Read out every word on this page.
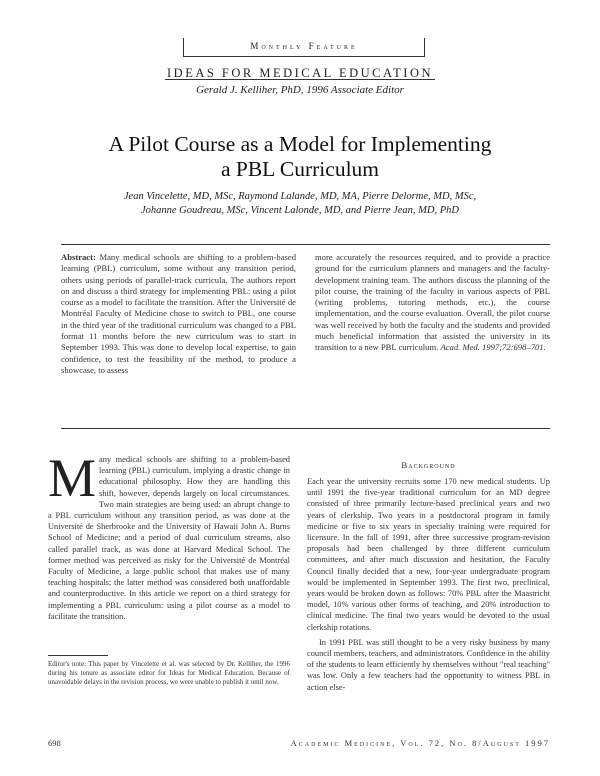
Monthly Feature
IDEAS FOR MEDICAL EDUCATION
Gerald J. Kelliher, PhD, 1996 Associate Editor
A Pilot Course as a Model for Implementing
a PBL Curriculum
Jean Vincelette, MD, MSc, Raymond Lalande, MD, MA, Pierre Delorme, MD, MSc,
Johanne Goudreau, MSc, Vincent Lalonde, MD, and Pierre Jean, MD, PhD
Abstract: Many medical schools are shifting to a problem-based learning (PBL) curriculum, some without any transition period, others using periods of parallel-track curricula. The authors report on and discuss a third strategy for implementing PBL: using a pilot course as a model to facilitate the transition. After the Université de Montréal Faculty of Medicine chose to switch to PBL, one course in the third year of the traditional curriculum was changed to a PBL format 11 months before the new curriculum was to start in September 1993. This was done to develop local expertise, to gain confidence, to test the feasibility of the method, to produce a showcase, to assess
more accurately the resources required, and to provide a practice ground for the curriculum planners and managers and the faculty-development training team. The authors discuss the planning of the pilot course, the training of the faculty in various aspects of PBL (writing problems, tutoring methods, etc.), the course implementation, and the course evaluation. Overall, the pilot course was well received by both the faculty and the students and provided much beneficial information that assisted the university in its transition to a new PBL curriculum. Acad. Med. 1997;72:698–701.
M any medical schools are shifting to a problem-based learning (PBL) curriculum, implying a drastic change in educational philosophy. How they are handling this shift, however, depends largely on local circumstances. Two main strategies are being used: an abrupt change to a PBL curriculum without any transition period, as was done at the Université de Sherbrooke and the University of Hawaii John A. Burns School of Medicine; and a period of dual curriculum streams, also called parallel track, as was done at Harvard Medical School. The former method was perceived as risky for the Université de Montréal Faculty of Medicine, a large public school that makes use of many teaching hospitals; the latter method was considered both unaffordable and counterproductive. In this article we report on a third strategy for implementing a PBL curriculum: using a pilot course as a model to facilitate the transition.
Background

Each year the university recruits some 170 new medical students. Up until 1991 the five-year traditional curriculum for an MD degree consisted of three primarily lecture-based preclinical years and two years of clerkship. Two years in a postdoctoral program in family medicine or five to six years in specialty training were required for licensure. In the fall of 1991, after three successive program-revision proposals had been challenged by three different curriculum committees, and after much discussion and hesitation, the Faculty Council finally decided that a new, four-year undergraduate program would be implemented in September 1993. The first two, preclinical, years would be broken down as follows: 70% PBL after the Maastricht model, 10% various other forms of teaching, and 20% introduction to clinical medicine. The final two years would be devoted to the usual clerkship rotations.

In 1991 PBL was still thought to be a very risky business by many council members, teachers, and administrators. Confidence in the ability of the students to learn efficiently by themselves without "real teaching" was low. Only a few teachers had the opportunity to witness PBL in action else-

Editor's note: This paper by Vincelette et al. was selected by Dr. Kelliher, the 1996 during his tenure as associate editor for Ideas for Medical Education. Because of unavoidable delays in the revision process, we were unable to publish it until now.
698	Academic Medicine, Vol. 72, No. 8/August 1997
